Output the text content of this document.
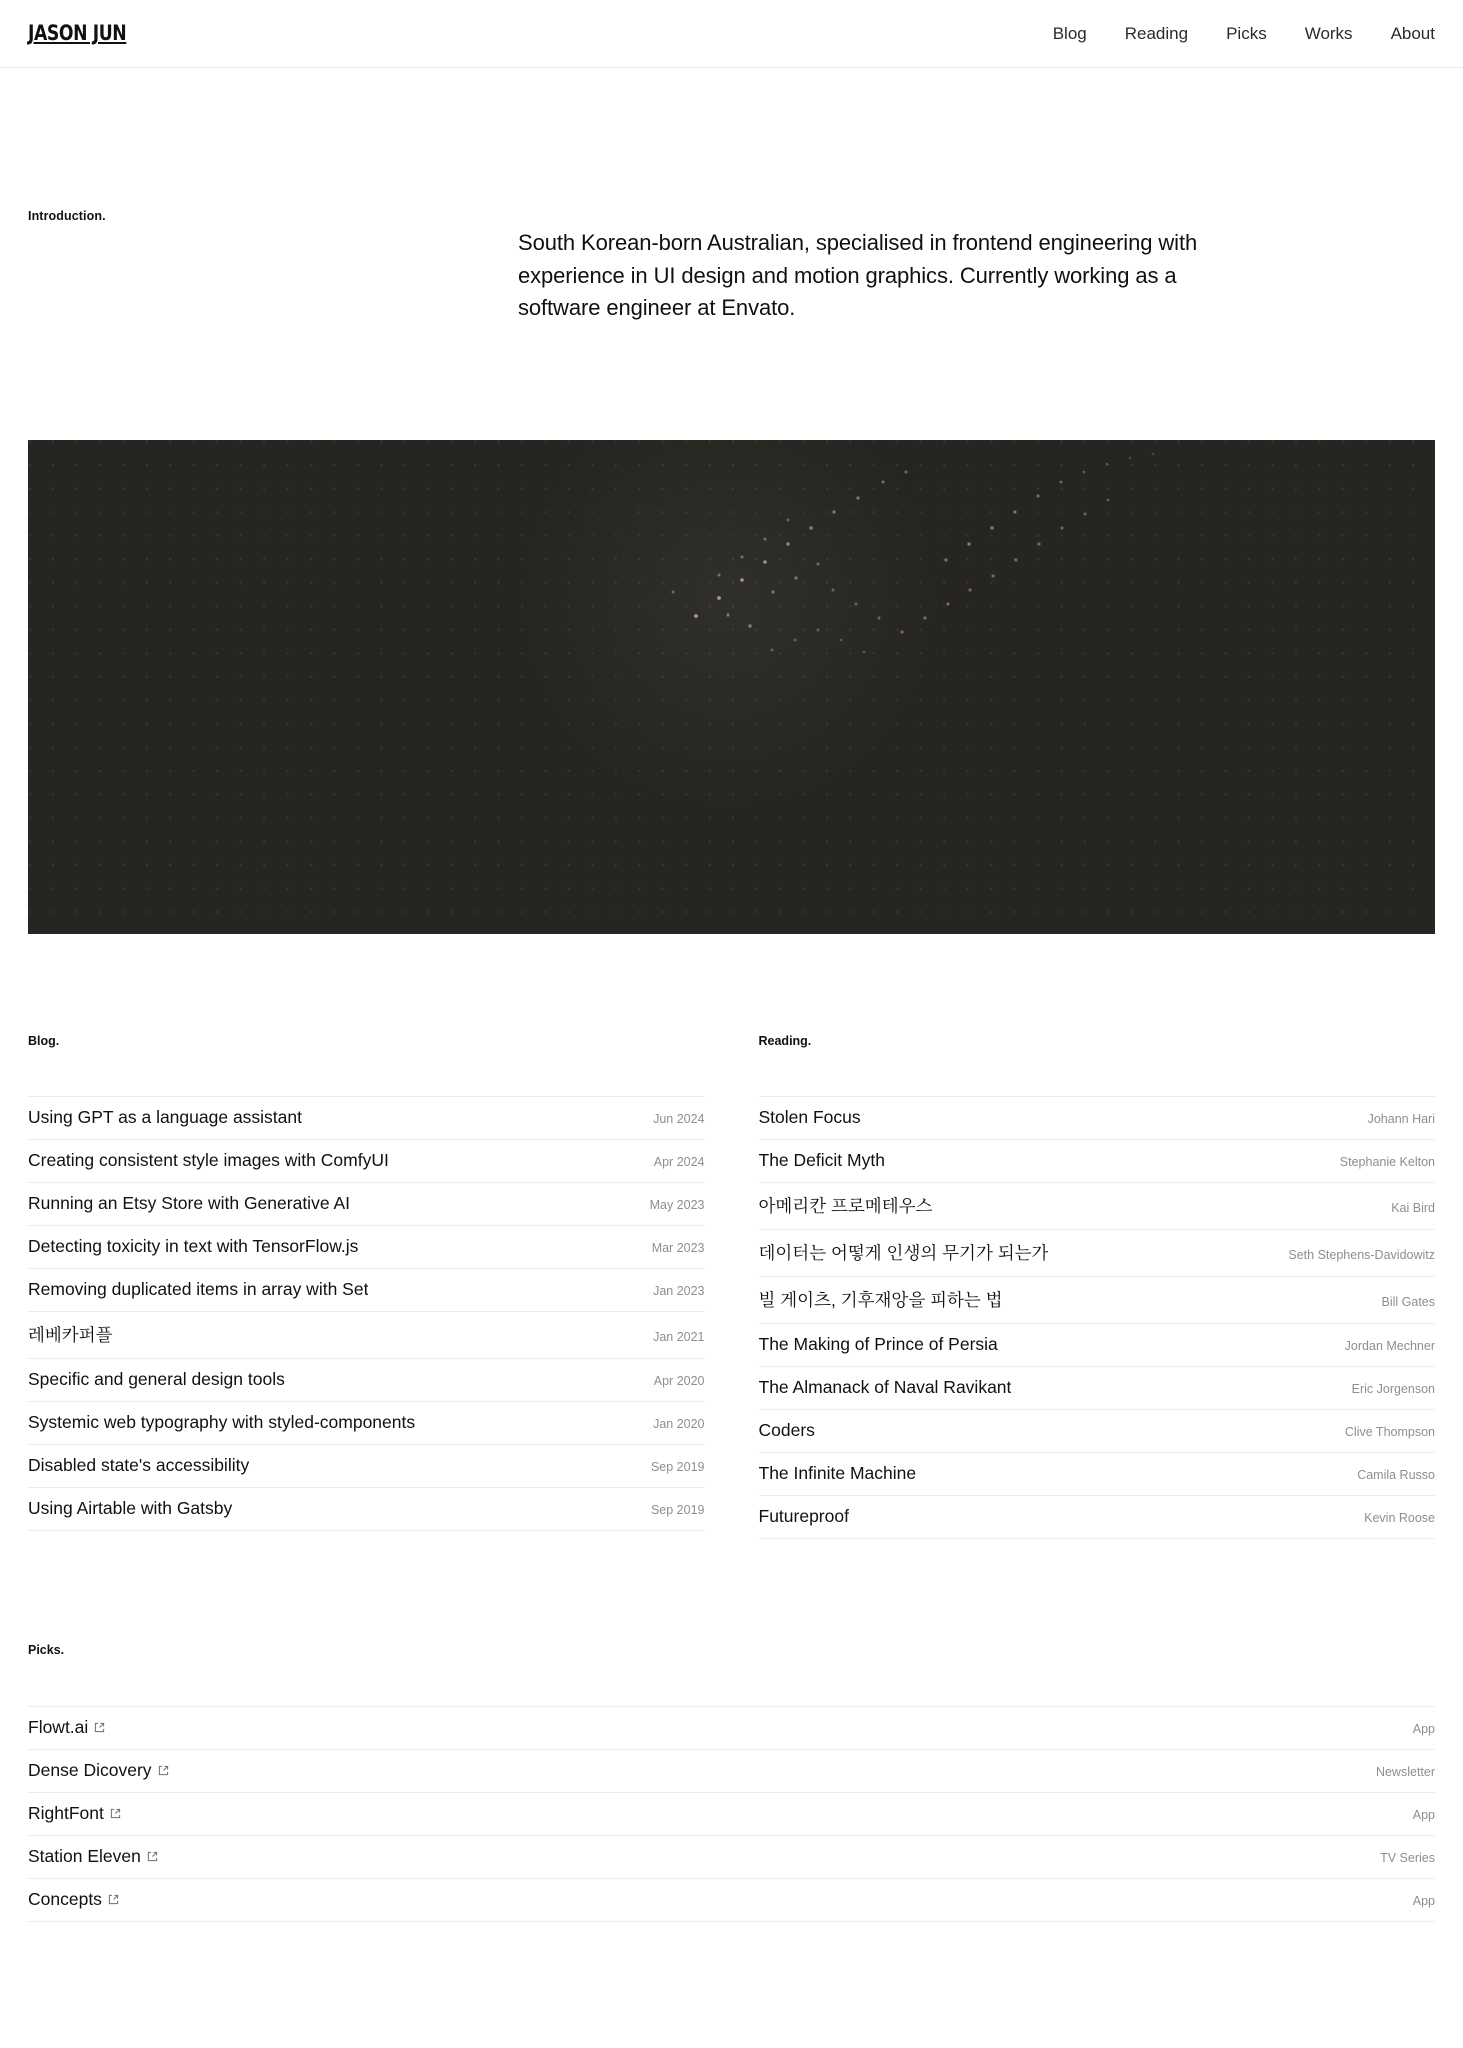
JASON JUN	Blog Reading Picks Works About
Introduction.

South Korean-born Australian, specialised in frontend engineering with experience in UI design and motion graphics. Currently working as a software engineer at Envato.

Blog.
Using GPT as a language assistant	Jun 2024
Creating consistent style images with ComfyUI	Apr 2024
Running an Etsy Store with Generative AI	May 2023
Detecting toxicity in text with TensorFlow.js	Mar 2023
Removing duplicated items in array with Set	Jan 2023
레베카퍼플	Jan 2021
Specific and general design tools	Apr 2020
Systemic web typography with styled-components	Jan 2020
Disabled state's accessibility	Sep 2019
Using Airtable with Gatsby	Sep 2019
Reading.
Stolen Focus	Johann Hari
The Deficit Myth	Stephanie Kelton
아메리칸 프로메테우스	Kai Bird
데이터는 어떻게 인생의 무기가 되는가	Seth Stephens-Davidowitz
빌 게이츠, 기후재앙을 피하는 법	Bill Gates
The Making of Prince of Persia	Jordan Mechner
The Almanack of Naval Ravikant	Eric Jorgenson
Coders	Clive Thompson
The Infinite Machine	Camila Russo
Futureproof	Kevin Roose
Picks.
Flowt.ai	App
Dense Dicovery	Newsletter
RightFont	App
Station Eleven	TV Series
Concepts	App
